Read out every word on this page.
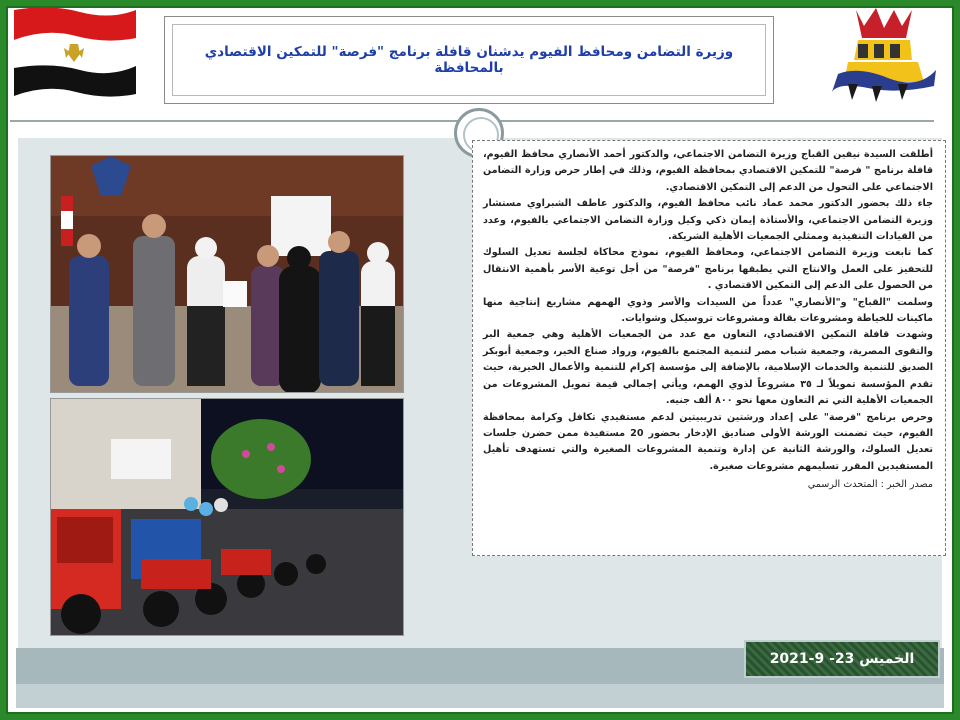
وزيرة التضامن ومحافظ الفيوم يدشنان قافلة برنامج "فرصة" للتمكين الاقتصادي بالمحافظة

أطلقت السيدة نيفين القباج وزيرة التضامن الاجتماعي، والدكتور أحمد الأنصاري محافظ الفيوم، قافلة برنامج " فرصة" للتمكين الاقتصادي بمحافظة الفيوم، وذلك في إطار حرص وزارة التضامن الاجتماعي على التحول من الدعم إلى التمكين الاقتصادي.

جاء ذلك بحضور الدكتور محمد عماد نائب محافظ الفيوم، والدكتور عاطف الشبراوي مستشار وزيرة التضامن الاجتماعي، والأستاذة إيمان ذكي وكيل وزارة التضامن الاجتماعي بالفيوم، وعدد من القيادات التنفيذية وممثلي الجمعيات الأهلية الشريكة.

كما تابعت وزيرة التضامن الاجتماعي، ومحافظ الفيوم، نموذج محاكاة لجلسة تعديل السلوك للتحفيز على العمل والانتاج التي يطبقها برنامج "فرصة" من أجل توعية الأسر بأهمية الانتقال من الحصول على الدعم إلى التمكين الاقتصادي .

وسلمت "القباج" و"الأنصاري" عدداً من السيدات والأسر وذوي الهمهم مشاريع إنتاجية منها ماكينات للخياطة ومشروعات بقالة ومشروعات تروسيكل وشوايات.

وشهدت قافلة التمكين الاقتصادي، التعاون مع عدد من الجمعيات الأهلية وهي جمعية البر والتقوى المصرية، وجمعية شباب مصر لتنمية المجتمع بالفيوم، ورواد صناع الخير، وجمعية أبوبكر الصديق للتنمية والخدمات الإسلامية، بالإضافة إلى مؤسسة إكرام للتنمية والأعمال الخيرية، حيث تقدم المؤسسة تمويلاً لـ ٣٥ مشروعاً لذوي الهمم، ويأتي إجمالي قيمة تمويل المشروعات من الجمعيات الأهلية التي تم التعاون معها نحو ٨٠٠ ألف جنيه.

وحرص برنامج "فرصة" على إعداد ورشتين تدريبيتين لدعم مستفيدي تكافل وكرامة بمحافظة الفيوم، حيث تضمنت الورشة الأولى صناديق الإدخار بحضور 20 مستفيدة ممن حضرن جلسات تعديل السلوك، والورشة الثانية عن إدارة وتنمية المشروعات الصغيرة والتي تستهدف تأهيل المستفيدين المقرر تسليمهم مشروعات صغيرة.

مصدر الخبر : المتحدث الرسمي

الخميس 23- 9-2021
